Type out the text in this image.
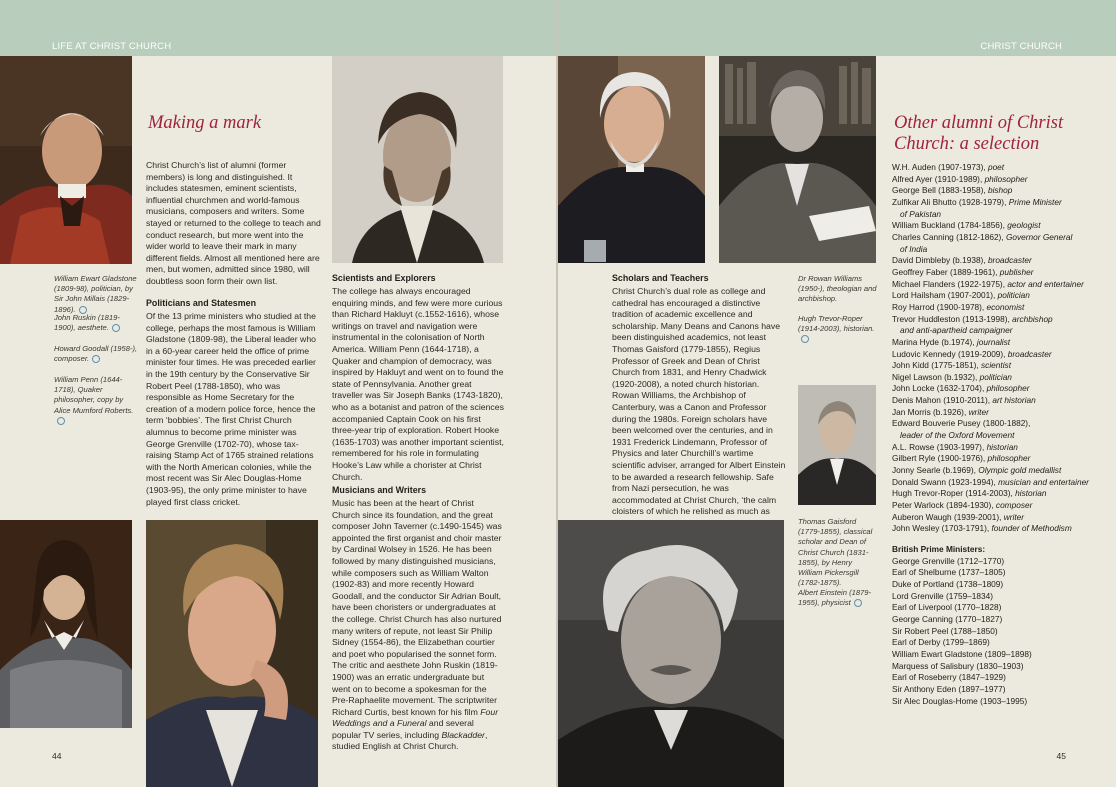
LIFE AT CHRIST CHURCH
Making a mark
Christ Church’s list of alumni (former members) is long and distinguished. It includes statesmen, eminent scientists, influential churchmen and world-famous musicians, composers and writers. Some stayed or returned to the college to teach and conduct research, but more went into the wider world to leave their mark in many different fields. Almost all mentioned here are men, but women, admitted since 1980, will doubtless soon form their own list.
William Ewart Gladstone (1809-98), politician, by Sir John Millais (1829-1896).
John Ruskin (1819-1900), aesthete.
Howard Goodall (1958-), composer.
William Penn (1644-1718), Quaker philosopher, copy by Alice Mumford Roberts.
Politicians and Statesmen
Of the 13 prime ministers who studied at the college, perhaps the most famous is William Gladstone (1809-98), the Liberal leader who in a 60-year career held the office of prime minister four times. He was preceded earlier in the 19th century by the Conservative Sir Robert Peel (1788-1850), who was responsible as Home Secretary for the creation of a modern police force, hence the term ‘bobbies’. The first Christ Church alumnus to become prime minister was George Grenville (1702-70), whose tax-raising Stamp Act of 1765 strained relations with the North American colonies, while the most recent was Sir Alec Douglas-Home (1903-95), the only prime minister to have played first class cricket.
Scientists and Explorers
The college has always encouraged enquiring minds, and few were more curious than Richard Hakluyt (c.1552-1616), whose writings on travel and navigation were instrumental in the colonisation of North America. William Penn (1644-1718), a Quaker and champion of democracy, was inspired by Hakluyt and went on to found the state of Pennsylvania. Another great traveller was Sir Joseph Banks (1743-1820), who as a botanist and patron of the sciences accompanied Captain Cook on his first three-year trip of exploration. Robert Hooke (1635-1703) was another important scientist, remembered for his role in formulating Hooke’s Law while a chorister at Christ Church.
Musicians and Writers
Music has been at the heart of Christ Church since its foundation, and the great composer John Taverner (c.1490-1545) was appointed the first organist and choir master by Cardinal Wolsey in 1526. He has been followed by many distinguished musicians, while composers such as William Walton (1902-83) and more recently Howard Goodall, and the conductor Sir Adrian Boult, have been choristers or undergraduates at the college. Christ Church has also nurtured many writers of repute, not least Sir Philip Sidney (1554-86), the Elizabethan courtier and poet who popularised the sonnet form. The critic and aesthete John Ruskin (1819-1900) was an erratic undergraduate but went on to become a spokesman for the Pre-Raphaelite movement. The scriptwriter Richard Curtis, best known for his film Four Weddings and a Funeral and several popular TV series, including Blackadder, studied English at Christ Church.
44
CHRIST CHURCH
Dr Rowan Williams (1950-), theologian and archbishop.
Hugh Trevor-Roper (1914-2003), historian.
Scholars and Teachers
Christ Church’s dual role as college and cathedral has encouraged a distinctive tradition of academic excellence and scholarship. Many Deans and Canons have been distinguished academics, not least Thomas Gaisford (1779-1855), Regius Professor of Greek and Dean of Christ Church from 1831, and Henry Chadwick (1920-2008), a noted church historian. Rowan Williams, the Archbishop of Canterbury, was a Canon and Professor during the 1980s. Foreign scholars have been welcomed over the centuries, and in 1931 Frederick Lindemann, Professor of Physics and later Churchill’s wartime scientific adviser, arranged for Albert Einstein to be awarded a research fellowship. Safe from Nazi persecution, he was accommodated at Christ Church, ‘the calm cloisters of which he relished as much as
Thomas Gaisford (1779-1855), classical scholar and Dean of Christ Church (1831-1855), by Henry William Pickersgill (1782-1875).
Albert Einstein (1879-1955), physicist
Other alumni of Christ Church: a selection
W.H. Auden (1907-1973), poet
Alfred Ayer (1910-1989), philosopher
George Bell (1883-1958), bishop
Zulfikar Ali Bhutto (1928-1979), Prime Minister
of Pakistan
William Buckland (1784-1856), geologist
Charles Canning (1812-1862), Governor General
of India
David Dimbleby (b.1938), broadcaster
Geoffrey Faber (1889-1961), publisher
Michael Flanders (1922-1975), actor and entertainer
Lord Hailsham (1907-2001), politician
Roy Harrod (1900-1978), economist
Trevor Huddleston (1913-1998), archbishop
and anti-apartheid campaigner
Marina Hyde (b.1974), journalist
Ludovic Kennedy (1919-2009), broadcaster
John Kidd (1775-1851), scientist
Nigel Lawson (b.1932), politician
John Locke (1632-1704), philosopher
Denis Mahon (1910-2011), art historian
Jan Morris (b.1926), writer
Edward Bouverie Pusey (1800-1882),
leader of the Oxford Movement
A.L. Rowse (1903-1997), historian
Gilbert Ryle (1900-1976), philosopher
Jonny Searle (b.1969), Olympic gold medallist
Donald Swann (1923-1994), musician and entertainer
Hugh Trevor-Roper (1914-2003), historian
Peter Warlock (1894-1930), composer
Auberon Waugh (1939-2001), writer
John Wesley (1703-1791), founder of Methodism
British Prime Ministers:
George Grenville (1712–1770)
Earl of Shelburne (1737–1805)
Duke of Portland (1738–1809)
Lord Grenville (1759–1834)
Earl of Liverpool (1770–1828)
George Canning (1770–1827)
Sir Robert Peel (1788–1850)
Earl of Derby (1799–1869)
William Ewart Gladstone (1809–1898)
Marquess of Salisbury (1830–1903)
Earl of Roseberry (1847–1929)
Sir Anthony Eden (1897–1977)
Sir Alec Douglas-Home (1903–1995)
45
